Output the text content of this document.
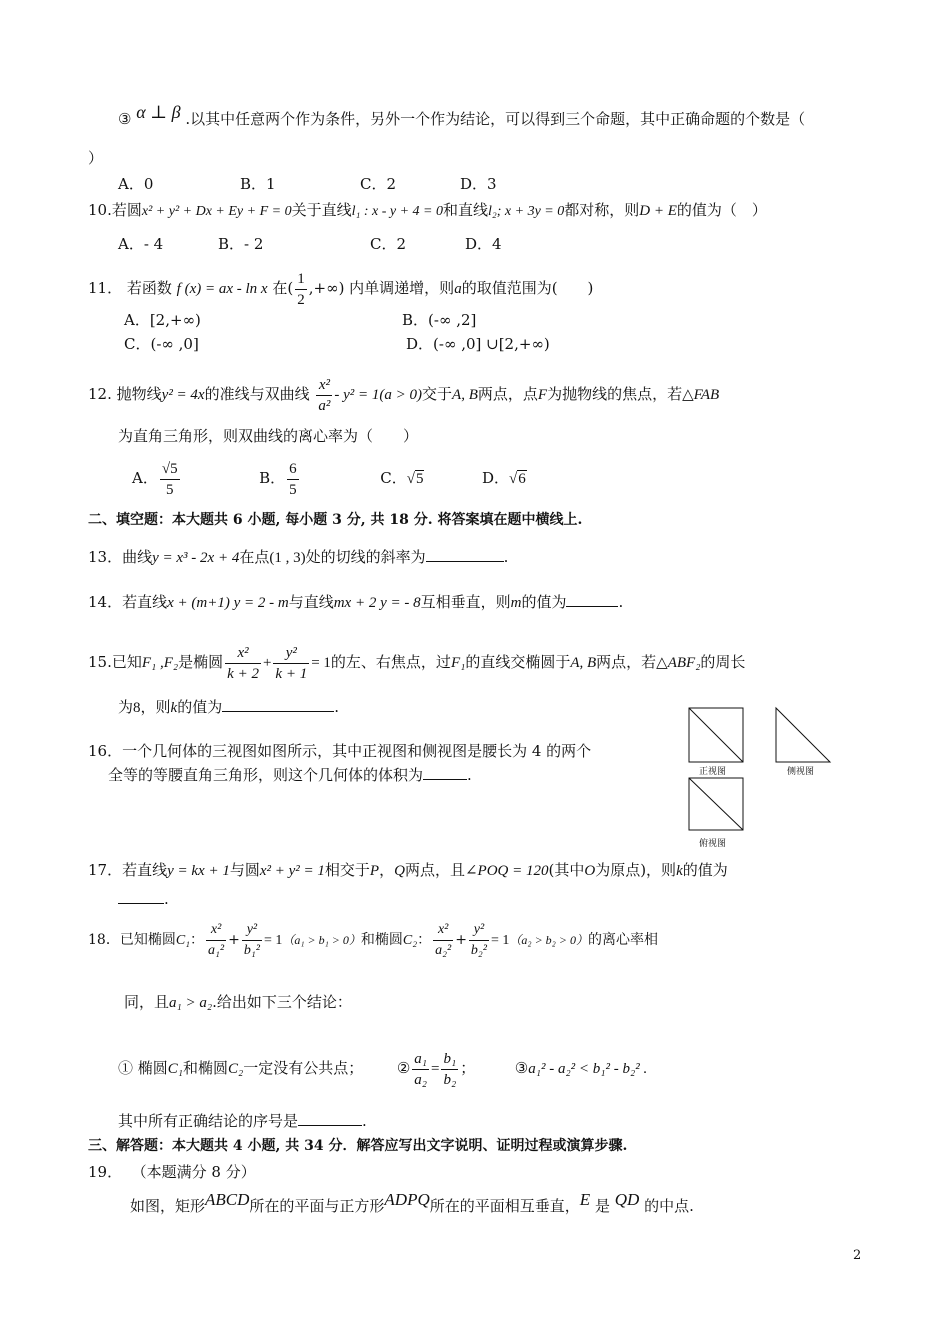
③ α ⊥ β .以其中任意两个作为条件，另外一个作为结论，可以得到三个命题，其中正确命题的个数是（
）
A．0	B．1	C．2	D．3
10.若圆x² + y² + Dx + Ey + F = 0关于直线l₁ : x - y + 4 = 0和直线l₂; x + 3y = 0都对称，则D + E的值为（　）
A．- 4	B．- 2	C．2	D．4
11． 若函数 f (x) = ax - ln x 在( $\frac{1}{2}$ ,+∞) 内单调递增，则a的取值范围为(　　)
A．[2,+∞)	B．(-∞ ,2]
C．(-∞ ,0]	D．(-∞ ,0] ∪[2,+∞)
12. 抛物线y² = 4x的准线与双曲线 $\frac{\text{x²}}{\text{a²}} - y^2 = 1(a > 0)$交于A, B两点，点F为抛物线的焦点，若△FAB
为直角三角形，则双曲线的离心率为（　　）
A． $\frac{√5}{5}$	B． $\frac{6}{5}$	C．√5	D．√6
二、填空题：本大题共 6 小题, 每小题 3 分, 共 18 分. 将答案填在题中横线上.
13．曲线y = x³ - 2x + 4在点(1 , 3)处的切线的斜率为	.
14．若直线x + (m+1) y = 2 - m与直线mx + 2 y = - 8互相垂直，则m的值为	.
15.已知F₁ ,F₂是椭圆 $\frac{\text{x²}}{k + 2} + \frac{\text{y²}}{k + 1} = 1$的左、右焦点，过F₁的直线交椭圆于A, B两点，若△ABF₂的周长
为8，则k的值为	.
16．一个几何体的三视图如图所示，其中正视图和侧视图是腰长为 4 的两个
全等的等腰直角三角形，则这个几何体的体积为	.	正视图	侧视图
俯视图
17．若直线y = kx + 1与圆x² + y² = 1相交于P，Q两点，且∠POQ = 120(其中O为原点)，则k的值为
.
18．已知椭圆C₁： $\frac{\text{x²}}{\text{a₁²}} + \frac{\text{y²}}{\text{b₁²}} = 1(a_1 > b_1 > 0)$和椭圆C₂： $\frac{\text{x²}}{\text{a₂²}} + \frac{\text{y²}}{\text{b₂²}} = 1(a_2 > b_2 > 0)$的离心率相
同，且a₁ > a₂.给出如下三个结论：
① 椭圆C₁和椭圆C₂一定没有公共点； ② $\frac{\text{a₁}}{\text{a₂}} = \frac{\text{b₁}}{\text{b₂}}$ ；	③a₁² - a₂² < b₁² - b₂² .
其中所有正确结论的序号是	.
三、解答题：本大题共 4 小题, 共 34 分．解答应写出文字说明、证明过程或演算步骤.
19． （本题满分 8 分）
如图，矩形ABCD所在的平面与正方形ADPQ所在的平面相互垂直，E 是 QD 的中点.
2
